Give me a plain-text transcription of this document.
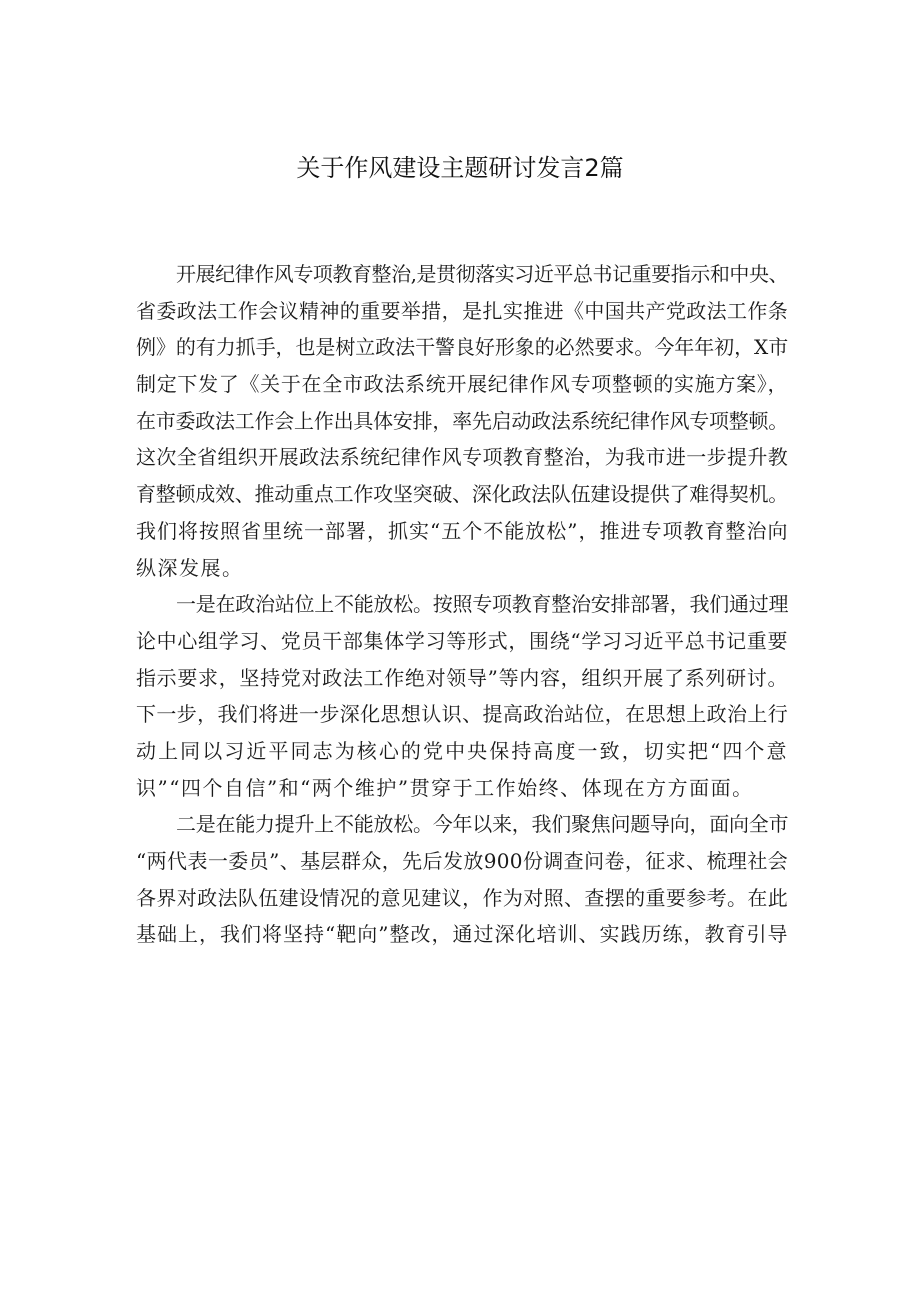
关于作风建设主题研讨发言2篇
开展纪律作风专项教育整治,是贯彻落实习近平总书记重要指示和中央、
省委政法工作会议精神的重要举措，是扎实推进《中国共产党政法工作条
例》的有力抓手，也是树立政法干警良好形象的必然要求。今年年初，X市
制定下发了《关于在全市政法系统开展纪律作风专项整顿的实施方案》，
在市委政法工作会上作出具体安排，率先启动政法系统纪律作风专项整顿。
这次全省组织开展政法系统纪律作风专项教育整治，为我市进一步提升教
育整顿成效、推动重点工作攻坚突破、深化政法队伍建设提供了难得契机。
我们将按照省里统一部署，抓实“五个不能放松”，推进专项教育整治向
纵深发展。
一是在政治站位上不能放松。按照专项教育整治安排部署，我们通过理
论中心组学习、党员干部集体学习等形式，围绕“学习习近平总书记重要
指示要求，坚持党对政法工作绝对领导”等内容，组织开展了系列研讨。
下一步，我们将进一步深化思想认识、提高政治站位，在思想上政治上行
动上同以习近平同志为核心的党中央保持高度一致，切实把“四个意
识”“四个自信”和“两个维护”贯穿于工作始终、体现在方方面面。
二是在能力提升上不能放松。今年以来，我们聚焦问题导向，面向全市
“两代表一委员”、基层群众，先后发放900份调查问卷，征求、梳理社会
各界对政法队伍建设情况的意见建议，作为对照、查摆的重要参考。在此
基础上，我们将坚持“靶向”整改，通过深化培训、实践历练，教育引导
